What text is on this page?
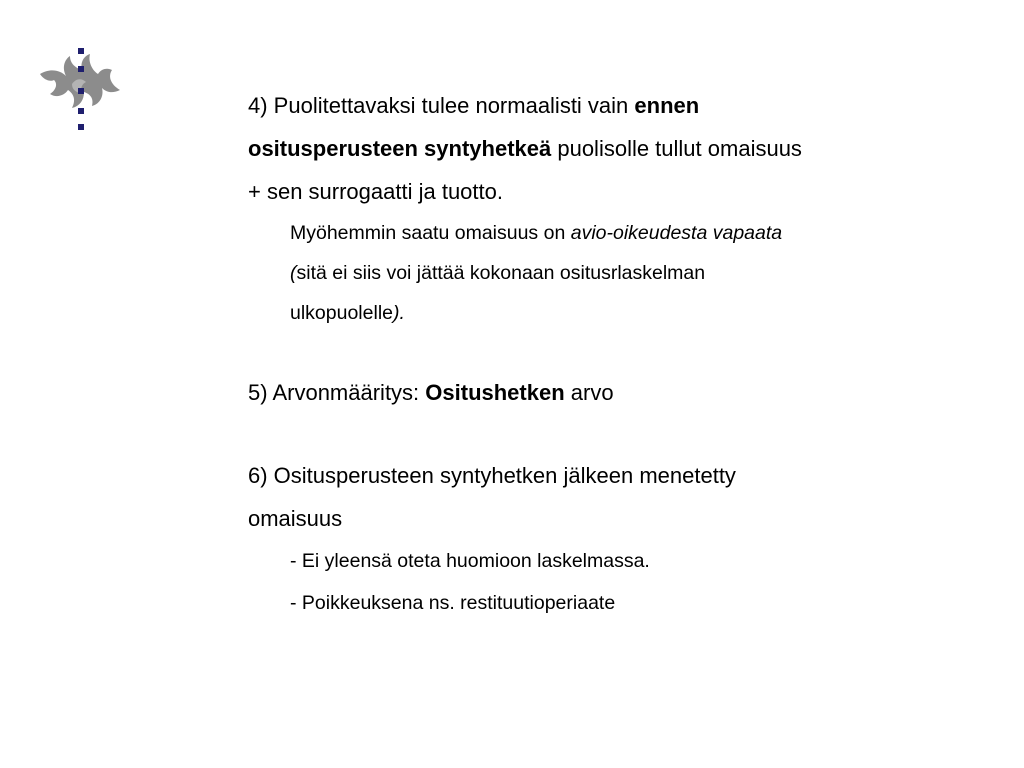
4) Puolitettavaksi tulee normaalisti vain ennen

ositusperusteen syntyhetkeä puolisolle tullut omaisuus

+ sen surrogaatti ja tuotto.

Myöhemmin saatu omaisuus on avio-oikeudesta vapaata

(sitä ei siis voi jättää kokonaan ositusrlaskelman

ulkopuolelle).

5) Arvonmääritys: Ositushetken arvo

6) Ositusperusteen syntyhetken jälkeen menetetty

omaisuus

- Ei yleensä oteta huomioon laskelmassa.

- Poikkeuksena ns. restituutioperiaate
